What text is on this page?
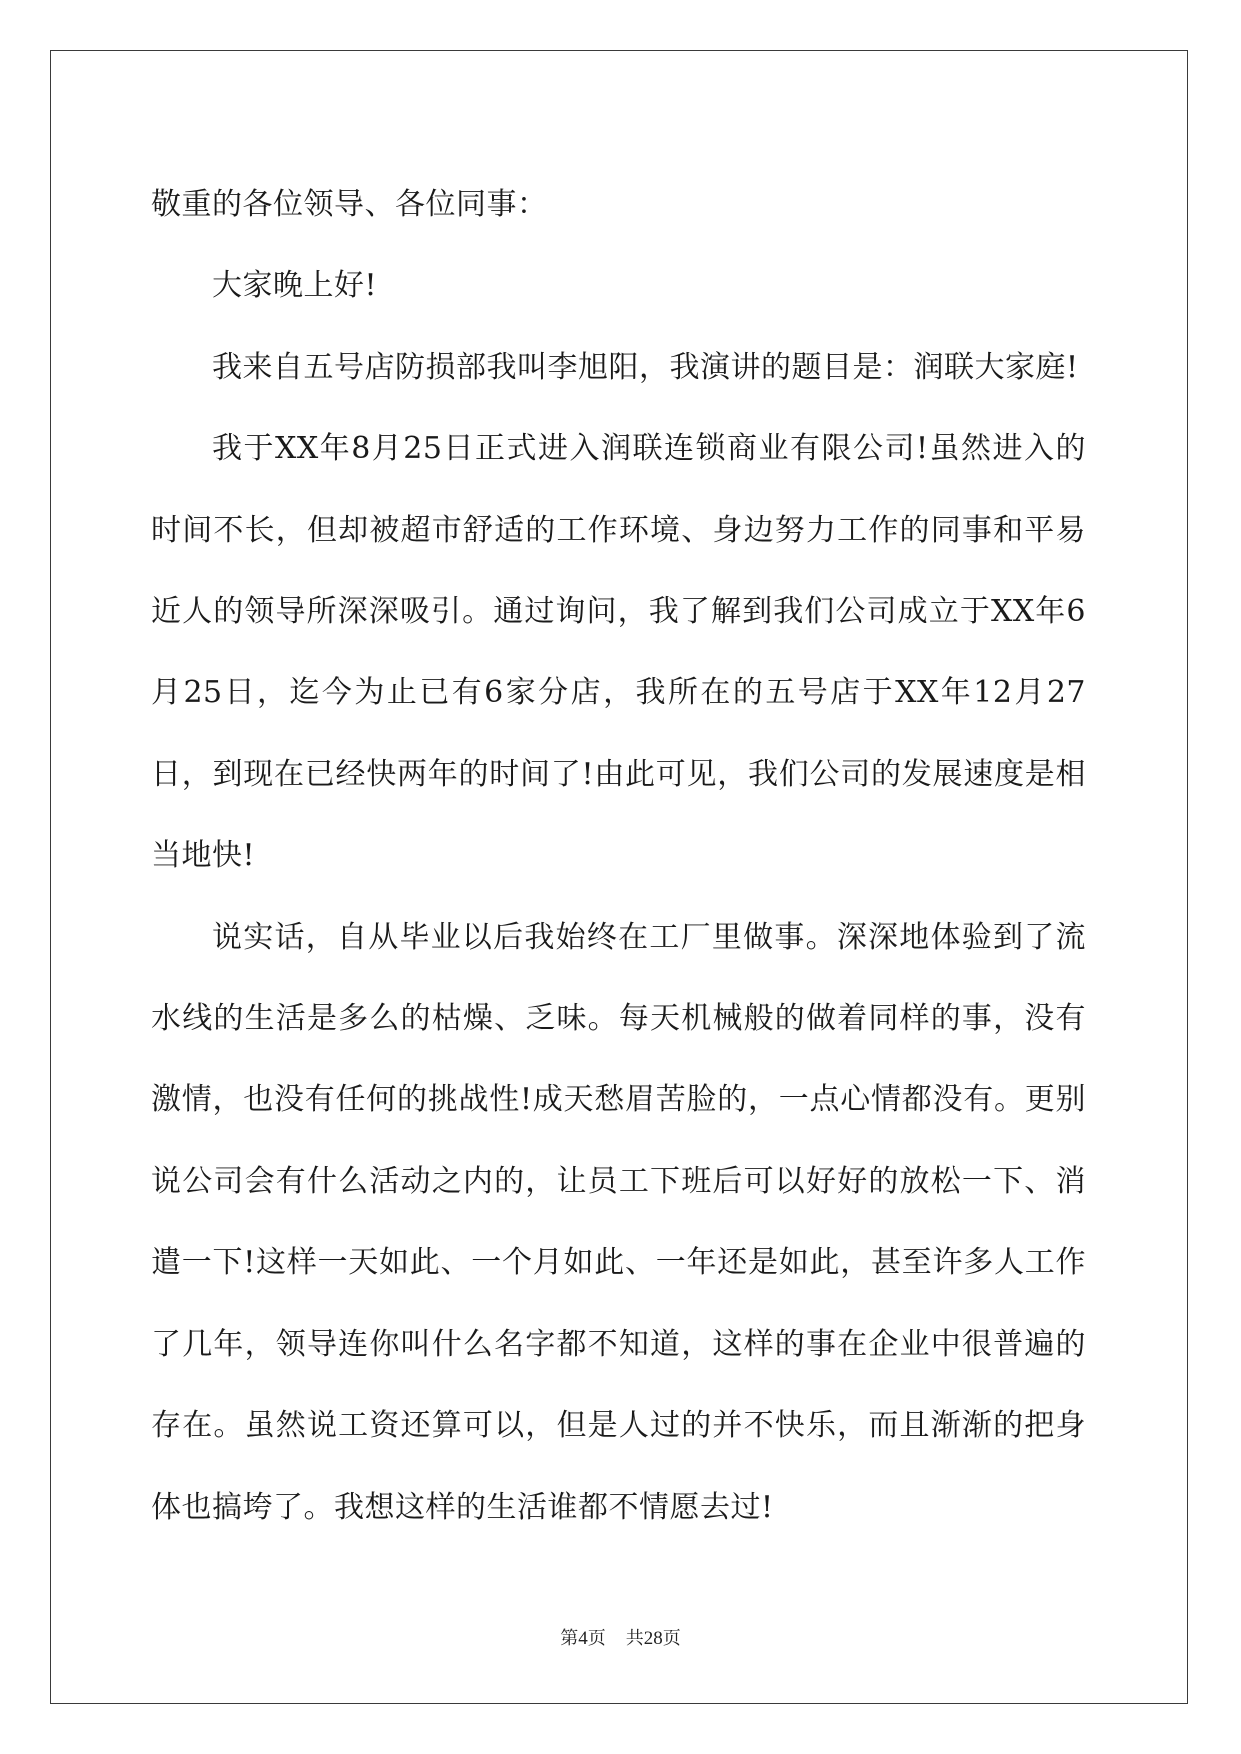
敬重的各位领导、各位同事：

大家晚上好!

我来自五号店防损部我叫李旭阳，我演讲的题目是：润联大家庭!

我于XX年8月25日正式进入润联连锁商业有限公司!虽然进入的时间不长，但却被超市舒适的工作环境、身边努力工作的同事和平易近人的领导所深深吸引。通过询问，我了解到我们公司成立于XX年6月25日，迄今为止已有6家分店，我所在的五号店于XX年12月27日，到现在已经快两年的时间了!由此可见，我们公司的发展速度是相当地快!

说实话，自从毕业以后我始终在工厂里做事。深深地体验到了流水线的生活是多么的枯燥、乏味。每天机械般的做着同样的事，没有激情，也没有任何的挑战性!成天愁眉苦脸的，一点心情都没有。更别说公司会有什么活动之内的，让员工下班后可以好好的放松一下、消遣一下!这样一天如此、一个月如此、一年还是如此，甚至许多人工作了几年，领导连你叫什么名字都不知道，这样的事在企业中很普遍的存在。虽然说工资还算可以，但是人过的并不快乐，而且渐渐的把身体也搞垮了。我想这样的生活谁都不情愿去过!

第4页 共28页
